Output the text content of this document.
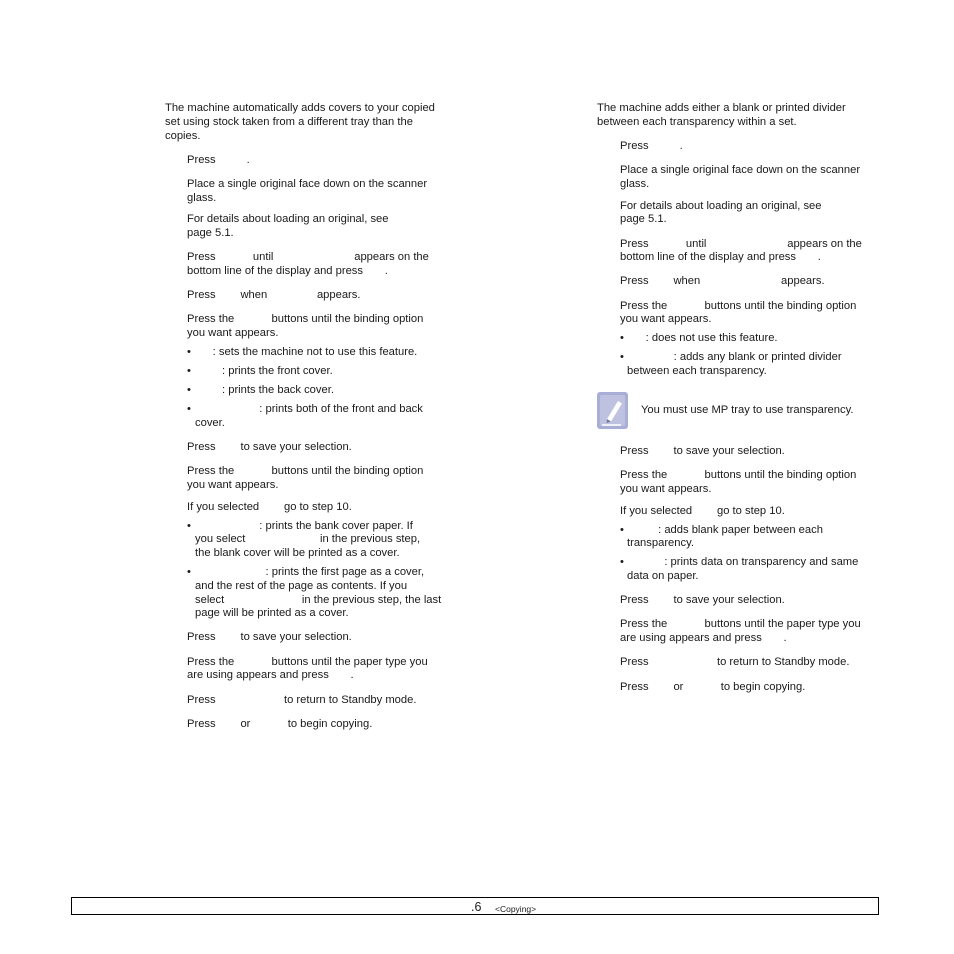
The machine automatically adds covers to your copied
set using stock taken from a different tray than the
copies.
Press          .
Place a single original face down on the scanner
glass.
For details about loading an original, see
page 5.1.
Press            until                          appears on the
bottom line of the display and press       .
Press        when                appears.
Press the            buttons until the binding option
you want appears.
•       : sets the machine not to use this feature.
•          : prints the front cover.
•          : prints the back cover.
•                      : prints both of the front and back
cover.
Press        to save your selection.
Press the            buttons until the binding option
you want appears.
If you selected        go to step 10.
•                      : prints the bank cover paper. If
you select                        in the previous step,
the blank cover will be printed as a cover.
•                        : prints the first page as a cover,
and the rest of the page as contents. If you
select                         in the previous step, the last
page will be printed as a cover.
Press        to save your selection.
Press the            buttons until the paper type you
are using appears and press       .
Press                      to return to Standby mode.
Press        or            to begin copying.
The machine adds either a blank or printed divider
between each transparency within a set.
Press          .
Place a single original face down on the scanner
glass.
For details about loading an original, see
page 5.1.
Press            until                          appears on the
bottom line of the display and press       .
Press        when                          appears.
Press the            buttons until the binding option
you want appears.
•       : does not use this feature.
•                : adds any blank or printed divider
between each transparency.
You must use MP tray to use transparency.
Press        to save your selection.
Press the            buttons until the binding option
you want appears.
If you selected        go to step 10.
•           : adds blank paper between each
transparency.
•             : prints data on transparency and same
data on paper.
Press        to save your selection.
Press the            buttons until the paper type you
are using appears and press       .
Press                      to return to Standby mode.
Press        or            to begin copying.
.6 <Copying>
